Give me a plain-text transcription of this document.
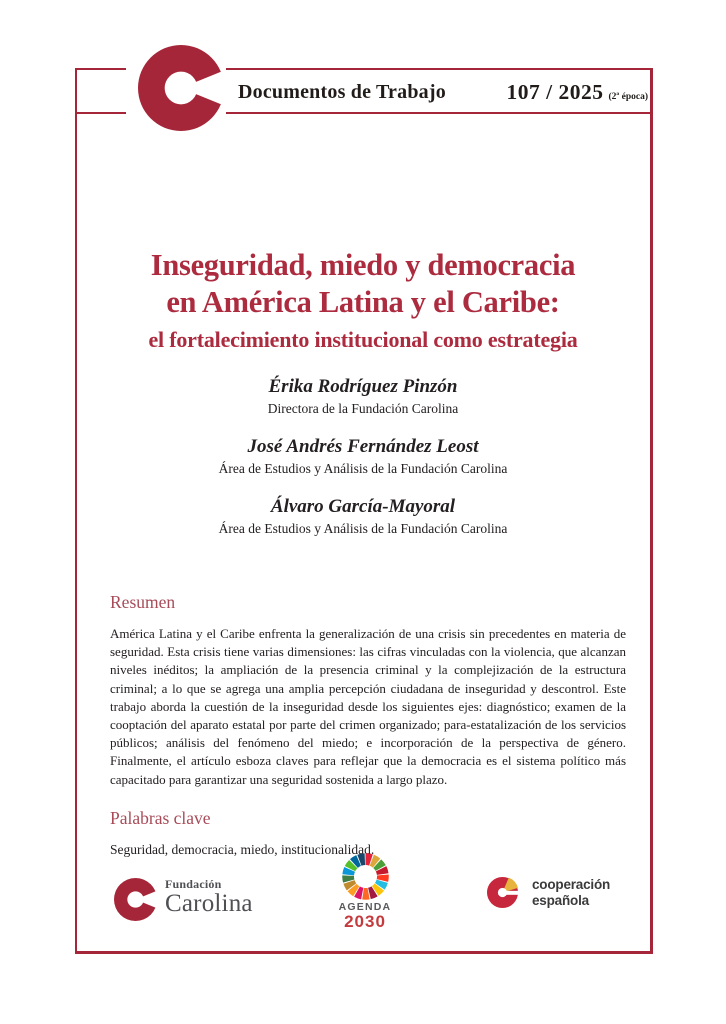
Documentos de Trabajo	107 / 2025 (2ª época)
Inseguridad, miedo y democracia
en América Latina y el Caribe:
el fortalecimiento institucional como estrategia
Érika Rodríguez Pinzón
Directora de la Fundación Carolina
José Andrés Fernández Leost
Área de Estudios y Análisis de la Fundación Carolina
Álvaro García-Mayoral
Área de Estudios y Análisis de la Fundación Carolina
Resumen

América Latina y el Caribe enfrenta la generalización de una crisis sin precedentes en materia de seguridad. Esta crisis tiene varias dimensiones: las cifras vinculadas con la violencia, que alcanzan niveles inéditos; la ampliación de la presencia criminal y la complejización de la estructura criminal; a lo que se agrega una amplia percepción ciudadana de inseguridad y descontrol. Este trabajo aborda la cuestión de la inseguridad desde los siguientes ejes: diagnóstico; examen de la cooptación del aparato estatal por parte del crimen organizado; para-estatalización de los servicios públicos; análisis del fenómeno del miedo; e incorporación de la perspectiva de género. Finalmente, el artículo esboza claves para reflejar que la democracia es el sistema político más capacitado para garantizar una seguridad sostenida a largo plazo.

Palabras clave

Seguridad, democracia, miedo, institucionalidad.

Fundación
Carolina	AGENDA
2030
cooperación
española
